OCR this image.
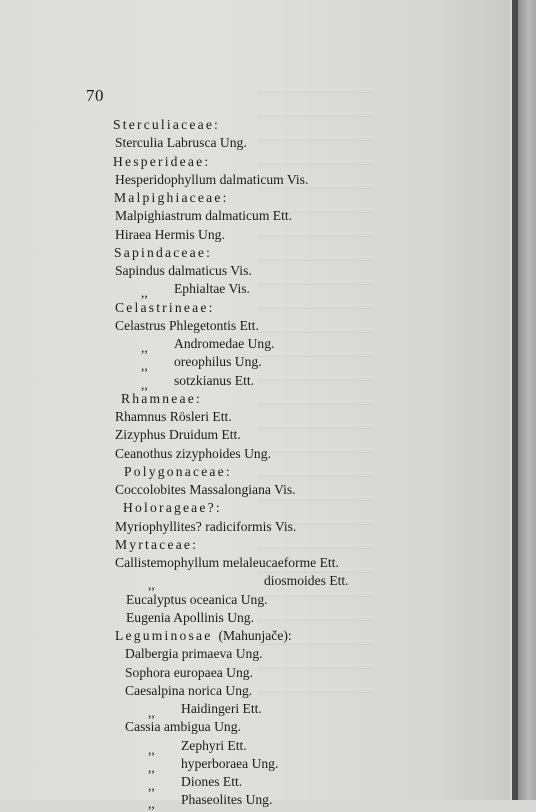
70
Sterculiaceae:
Sterculia Labrusca Ung.
Hesperideae:
Hesperidophyllum dalmaticum Vis.
Malpighiaceae:
Malpighiastrum dalmaticum Ett.
Hiraea Hermis Ung.
Sapindaceae:
Sapindus dalmaticus Vis.
,, Ephialtae Vis.
Celastrineae:
Celastrus Phlegetontis Ett.
,, Andromedae Ung.
,, oreophilus Ung.
,, sotzkianus Ett.
Rhamneae:
Rhamnus Rösleri Ett.
Zizyphus Druidum Ett.
Ceanothus zizyphoides Ung.
Polygonaceae:
Coccolobites Massalongiana Vis.
Holorageae?:
Myriophyllites? radiciformis Vis.
Myrtaceae:
Callistemophyllum melaleucaeforme Ett.
,,	diosmoides Ett.
Eucalyptus oceanica Ung.
Eugenia Apollinis Ung.
Leguminosae (Mahunjače):
Dalbergia primaeva Ung.
Sophora europaea Ung.
Caesalpina norica Ung.
,, Haidingeri Ett.
Cassia ambigua Ung.
,, Zephyri Ett.
,, hyperboraea Ung.
,, Diones Ett.
,, Phaseolites Ung.
